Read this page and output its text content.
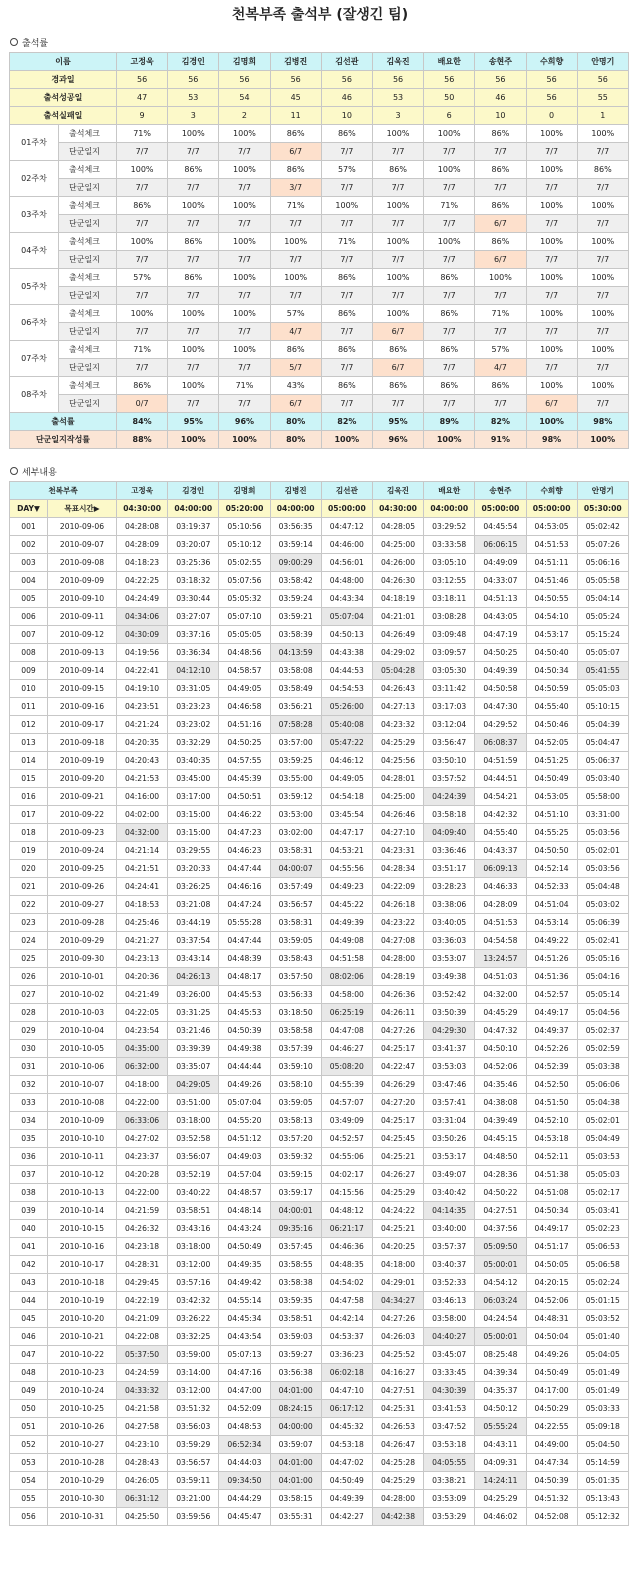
천복부족 출석부 (잘생긴 팀)
출석률
이름		고정욱	김경인	김명희	김병진	김선관	김욱진	배요한	송현주	수희향	안명기
경과일		56	56	56	56	56	56	56	56	56	56
출석성공일		47	53	54	45	46	53	50	46	56	55
출석실패일		9	3	2	11	10	3	6	10	0	1
01주차	출석체크	71%	100%	100%	86%	86%	100%	100%	86%	100%	100%
	단군일지	7/7	7/7	7/7	6/7	7/7	7/7	7/7	7/7	7/7	7/7
02주차	출석체크	100%	86%	100%	86%	57%	86%	100%	86%	100%	86%
	단군일지	7/7	7/7	7/7	3/7	7/7	7/7	7/7	7/7	7/7	7/7
03주차	출석체크	86%	100%	100%	71%	100%	100%	71%	86%	100%	100%
	단군일지	7/7	7/7	7/7	7/7	7/7	7/7	7/7	6/7	7/7	7/7
04주차	출석체크	100%	86%	100%	100%	71%	100%	100%	86%	100%	100%
	단군일지	7/7	7/7	7/7	7/7	7/7	7/7	7/7	6/7	7/7	7/7
05주차	출석체크	57%	86%	100%	100%	86%	100%	86%	100%	100%	100%
	단군일지	7/7	7/7	7/7	7/7	7/7	7/7	7/7	7/7	7/7	7/7
06주차	출석체크	100%	100%	100%	57%	86%	100%	86%	71%	100%	100%
	단군일지	7/7	7/7	7/7	4/7	7/7	6/7	7/7	7/7	7/7	7/7
07주차	출석체크	71%	100%	100%	86%	86%	86%	86%	57%	100%	100%
	단군일지	7/7	7/7	7/7	5/7	7/7	6/7	7/7	4/7	7/7	7/7
08주차	출석체크	86%	100%	71%	43%	86%	86%	86%	86%	100%	100%
	단군일지	0/7	7/7	7/7	6/7	7/7	7/7	7/7	7/7	6/7	7/7
출석률		84%	95%	96%	80%	82%	95%	89%	82%	100%	98%
단군일지작성률		88%	100%	100%	80%	100%	96%	100%	91%	98%	100%
세부내용
천복부족		고정욱	김경인	김명희	김병진	김선관	김욱진	배요한	송현주	수희향	안명기
DAY▼	목표시간▶	04:30:00	04:00:00	05:20:00	04:00:00	05:00:00	04:30:00	04:00:00	05:00:00	05:00:00	05:30:00
001	2010-09-06	04:28:08	03:19:37	05:10:56	03:56:35	04:47:12	04:28:05	03:29:52	04:45:54	04:53:05	05:02:42
002	2010-09-07	04:28:09	03:20:07	05:10:12	03:59:14	04:46:00	04:25:00	03:33:58	06:06:15	04:51:53	05:07:26
003	2010-09-08	04:18:23	03:25:36	05:02:55	09:00:29	04:56:01	04:26:00	03:05:10	04:49:09	04:51:11	05:06:16
004	2010-09-09	04:22:25	03:18:32	05:07:56	03:58:42	04:48:00	04:26:30	03:12:55	04:33:07	04:51:46	05:05:58
005	2010-09-10	04:24:49	03:30:44	05:05:32	03:59:24	04:43:34	04:18:19	03:18:11	04:51:13	04:50:55	05:04:14
006	2010-09-11	04:34:06	03:27:07	05:07:10	03:59:21	05:07:04	04:21:01	03:08:28	04:43:05	04:54:10	05:05:24
007	2010-09-12	04:30:09	03:37:16	05:05:05	03:58:39	04:50:13	04:26:49	03:09:48	04:47:19	04:53:17	05:15:24
008	2010-09-13	04:19:56	03:36:34	04:48:56	04:13:59	04:43:38	04:29:02	03:09:57	04:50:25	04:50:40	05:05:07
009	2010-09-14	04:22:41	04:12:10	04:58:57	03:58:08	04:44:53	05:04:28	03:05:30	04:49:39	04:50:34	05:41:55
010	2010-09-15	04:19:10	03:31:05	04:49:05	03:58:49	04:54:53	04:26:43	03:11:42	04:50:58	04:50:59	05:05:03
011	2010-09-16	04:23:51	03:23:23	04:46:58	03:56:21	05:26:00	04:27:13	03:17:03	04:47:30	04:55:40	05:10:15
012	2010-09-17	04:21:24	03:23:02	04:51:16	07:58:28	05:40:08	04:23:32	03:12:04	04:29:52	04:50:46	05:04:39
013	2010-09-18	04:20:35	03:32:29	04:50:25	03:57:00	05:47:22	04:25:29	03:56:47	06:08:37	04:52:05	05:04:47
014	2010-09-19	04:20:43	03:40:35	04:57:55	03:59:25	04:46:12	04:25:56	03:50:10	04:51:59	04:51:25	05:06:37
015	2010-09-20	04:21:53	03:45:00	04:45:39	03:55:00	04:49:05	04:28:01	03:57:52	04:44:51	04:50:49	05:03:40
016	2010-09-21	04:16:00	03:17:00	04:50:51	03:59:12	04:54:18	04:25:00	04:24:39	04:54:21	04:53:05	05:58:00
017	2010-09-22	04:02:00	03:15:00	04:46:22	03:53:00	03:45:54	04:26:46	03:58:18	04:42:32	04:51:10	03:31:00
018	2010-09-23	04:32:00	03:15:00	04:47:23	03:02:00	04:47:17	04:27:10	04:09:40	04:55:40	04:55:25	05:03:56
019	2010-09-24	04:21:14	03:29:55	04:46:23	03:58:31	04:53:21	04:23:31	03:36:46	04:43:37	04:50:50	05:02:01
020	2010-09-25	04:21:51	03:20:33	04:47:44	04:00:07	04:55:56	04:28:34	03:51:17	06:09:13	04:52:14	05:03:56
021	2010-09-26	04:24:41	03:26:25	04:46:16	03:57:49	04:49:23	04:22:09	03:28:23	04:46:33	04:52:33	05:04:48
022	2010-09-27	04:18:53	03:21:08	04:47:24	03:56:57	04:45:22	04:26:18	03:38:06	04:28:09	04:51:04	05:03:02
023	2010-09-28	04:25:46	03:44:19	05:55:28	03:58:31	04:49:39	04:23:22	03:40:05	04:51:53	04:53:14	05:06:39
024	2010-09-29	04:21:27	03:37:54	04:47:44	03:59:05	04:49:08	04:27:08	03:36:03	04:54:58	04:49:22	05:02:41
025	2010-09-30	04:23:13	03:43:14	04:48:39	03:58:43	04:51:58	04:28:00	03:53:07	13:24:57	04:51:26	05:05:16
026	2010-10-01	04:20:36	04:26:13	04:48:17	03:57:50	08:02:06	04:28:19	03:49:38	04:51:03	04:51:36	05:04:16
027	2010-10-02	04:21:49	03:26:00	04:45:53	03:56:33	04:58:00	04:26:36	03:52:42	04:32:00	04:52:57	05:05:14
028	2010-10-03	04:22:05	03:31:25	04:45:53	03:18:50	06:25:19	04:26:11	03:50:39	04:45:29	04:49:17	05:04:56
029	2010-10-04	04:23:54	03:21:46	04:50:39	03:58:58	04:47:08	04:27:26	04:29:30	04:47:32	04:49:37	05:02:37
030	2010-10-05	04:35:00	03:39:39	04:49:38	03:57:39	04:46:27	04:25:17	03:41:37	04:50:10	04:52:26	05:02:59
031	2010-10-06	06:32:00	03:35:07	04:44:44	03:59:10	05:08:20	04:22:47	03:53:03	04:52:06	04:52:39	05:03:38
032	2010-10-07	04:18:00	04:29:05	04:49:26	03:58:10	04:55:39	04:26:29	03:47:46	04:35:46	04:52:50	05:06:06
033	2010-10-08	04:22:00	03:51:00	05:07:04	03:59:05	04:57:07	04:27:20	03:57:41	04:38:08	04:51:50	05:04:38
034	2010-10-09	06:33:06	03:18:00	04:55:20	03:58:13	03:49:09	04:25:17	03:31:04	04:39:49	04:52:10	05:02:01
035	2010-10-10	04:27:02	03:52:58	04:51:12	03:57:20	04:52:57	04:25:45	03:50:26	04:45:15	04:53:18	05:04:49
036	2010-10-11	04:23:37	03:56:07	04:49:03	03:59:32	04:55:06	04:25:21	03:53:17	04:48:50	04:52:11	05:03:53
037	2010-10-12	04:20:28	03:52:19	04:57:04	03:59:15	04:02:17	04:26:27	03:49:07	04:28:36	04:51:38	05:05:03
038	2010-10-13	04:22:00	03:40:22	04:48:57	03:59:17	04:15:56	04:25:29	03:40:42	04:50:22	04:51:08	05:02:17
039	2010-10-14	04:21:59	03:58:51	04:48:14	04:00:01	04:48:12	04:24:22	04:14:35	04:27:51	04:50:34	05:03:41
040	2010-10-15	04:26:32	03:43:16	04:43:24	09:35:16	06:21:17	04:25:21	03:40:00	04:37:56	04:49:17	05:02:23
041	2010-10-16	04:23:18	03:18:00	04:50:49	03:57:45	04:46:36	04:20:25	03:57:37	05:09:50	04:51:17	05:06:53
042	2010-10-17	04:28:31	03:12:00	04:49:35	03:58:55	04:48:35	04:18:00	03:40:37	05:00:01	04:50:05	05:06:58
043	2010-10-18	04:29:45	03:57:16	04:49:42	03:58:38	04:54:02	04:29:01	03:52:33	04:54:12	04:20:15	05:02:24
044	2010-10-19	04:22:19	03:42:32	04:55:14	03:59:35	04:47:58	04:34:27	03:46:13	06:03:24	04:52:06	05:01:15
045	2010-10-20	04:21:09	03:26:22	04:45:34	03:58:51	04:42:14	04:27:26	03:58:00	04:24:54	04:48:31	05:03:52
046	2010-10-21	04:22:08	03:32:25	04:43:54	03:59:03	04:53:37	04:26:03	04:40:27	05:00:01	04:50:04	05:01:40
047	2010-10-22	05:37:50	03:59:00	05:07:13	03:59:27	03:36:23	04:25:52	03:45:07	08:25:48	04:49:26	05:04:05
048	2010-10-23	04:24:59	03:14:00	04:47:16	03:56:38	06:02:18	04:16:27	03:33:45	04:39:34	04:50:49	05:01:49
049	2010-10-24	04:33:32	03:12:00	04:47:00	04:01:00	04:47:10	04:27:51	04:30:39	04:35:37	04:17:00	05:01:49
050	2010-10-25	04:21:58	03:51:32	04:52:09	08:24:15	06:17:12	04:25:31	03:41:53	04:50:12	04:50:29	05:03:33
051	2010-10-26	04:27:58	03:56:03	04:48:53	04:00:00	04:45:32	04:26:53	03:47:52	05:55:24	04:22:55	05:09:18
052	2010-10-27	04:23:10	03:59:29	06:52:34	03:59:07	04:53:18	04:26:47	03:53:18	04:43:11	04:49:00	05:04:50
053	2010-10-28	04:28:43	03:56:57	04:44:03	04:01:00	04:47:02	04:25:28	04:05:55	04:09:31	04:47:34	05:14:59
054	2010-10-29	04:26:05	03:59:11	09:34:50	04:01:00	04:50:49	04:25:29	03:38:21	14:24:11	04:50:39	05:01:35
055	2010-10-30	06:31:12	03:21:00	04:44:29	03:58:15	04:49:39	04:28:00	03:53:09	04:25:29	04:51:32	05:13:43
056	2010-10-31	04:25:50	03:59:56	04:45:47	03:55:31	04:42:27	04:42:38	03:53:29	04:46:02	04:52:08	05:12:32
